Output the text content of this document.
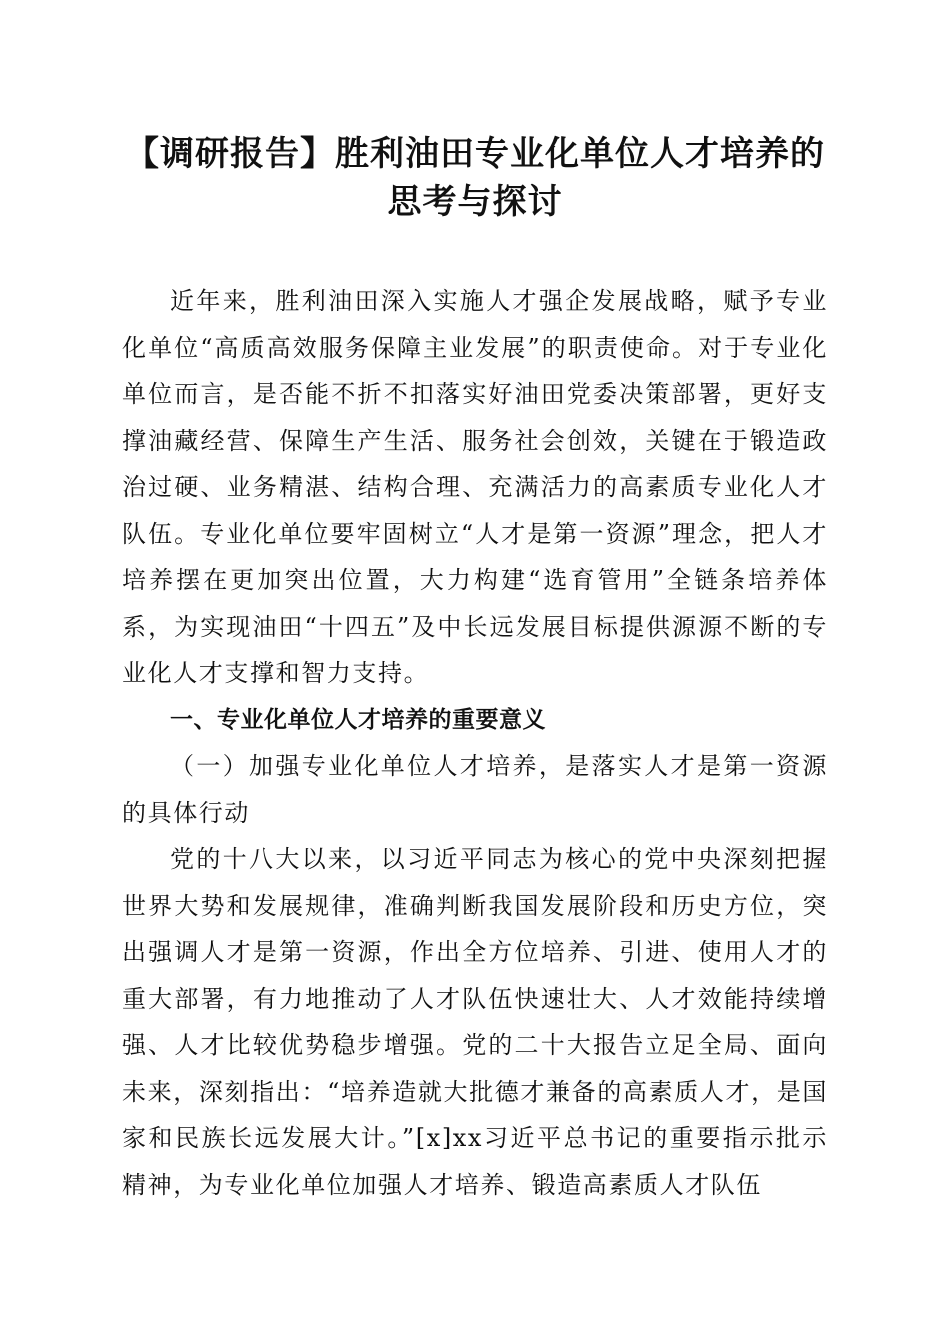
【调研报告】胜利油田专业化单位人才培养的
思考与探讨

近年来，胜利油田深入实施人才强企发展战略，赋予专业化单位“高质高效服务保障主业发展”的职责使命。对于专业化单位而言，是否能不折不扣落实好油田党委决策部署，更好支撑油藏经营、保障生产生活、服务社会创效，关键在于锻造政治过硬、业务精湛、结构合理、充满活力的高素质专业化人才队伍。专业化单位要牢固树立“人才是第一资源”理念，把人才培养摆在更加突出位置，大力构建“选育管用”全链条培养体系，为实现油田“十四五”及中长远发展目标提供源源不断的专业化人才支撑和智力支持。

一、专业化单位人才培养的重要意义

（一）加强专业化单位人才培养，是落实人才是第一资源的具体行动

党的十八大以来，以习近平同志为核心的党中央深刻把握世界大势和发展规律，准确判断我国发展阶段和历史方位，突出强调人才是第一资源，作出全方位培养、引进、使用人才的重大部署，有力地推动了人才队伍快速壮大、人才效能持续增强、人才比较优势稳步增强。党的二十大报告立足全局、面向未来，深刻指出：“培养造就大批德才兼备的高素质人才，是国家和民族长远发展大计。”[x]xx习近平总书记的重要指示批示精神，为专业化单位加强人才培养、锻造高素质人才队伍
